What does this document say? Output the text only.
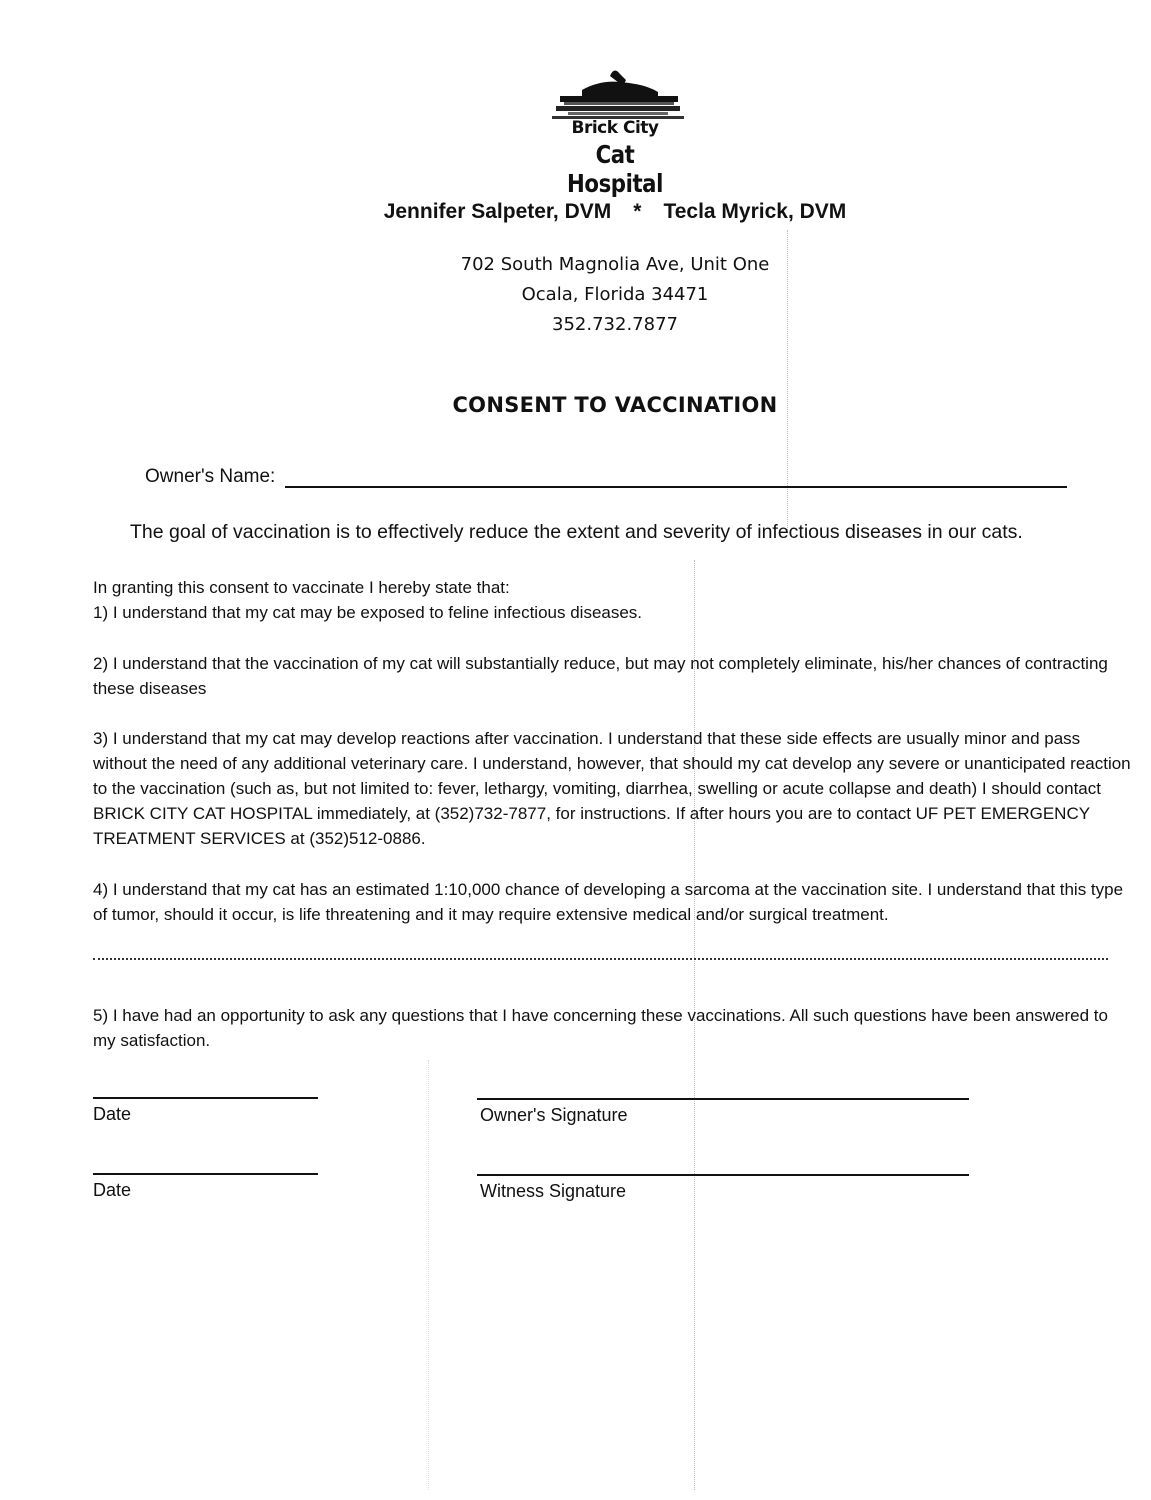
Brick City
Cat Hospital
Jennifer Salpeter, DVM * Tecla Myrick, DVM
702 South Magnolia Ave, Unit One
Ocala, Florida 34471
352.732.7877
CONSENT TO VACCINATION
Owner's Name:
The goal of vaccination is to effectively reduce the extent and severity of infectious diseases in our cats.
In granting this consent to vaccinate I hereby state that:
1) I understand that my cat may be exposed to feline infectious diseases.
2) I understand that the vaccination of my cat will substantially reduce, but may not completely eliminate, his/her chances of contracting these diseases
3) I understand that my cat may develop reactions after vaccination. I understand that these side effects are usually minor and pass without the need of any additional veterinary care. I understand, however, that should my cat develop any severe or unanticipated reaction to the vaccination (such as, but not limited to: fever, lethargy, vomiting, diarrhea, swelling or acute collapse and death) I should contact BRICK CITY CAT HOSPITAL immediately, at (352)732-7877, for instructions. If after hours you are to contact UF PET EMERGENCY TREATMENT SERVICES at (352)512-0886.
4) I understand that my cat has an estimated 1:10,000 chance of developing a sarcoma at the vaccination site. I understand that this type of tumor, should it occur, is life threatening and it may require extensive medical and/or surgical treatment.
5) I have had an opportunity to ask any questions that I have concerning these vaccinations. All such questions have been answered to my satisfaction.
Date	Owner's Signature
Date	Witness Signature
